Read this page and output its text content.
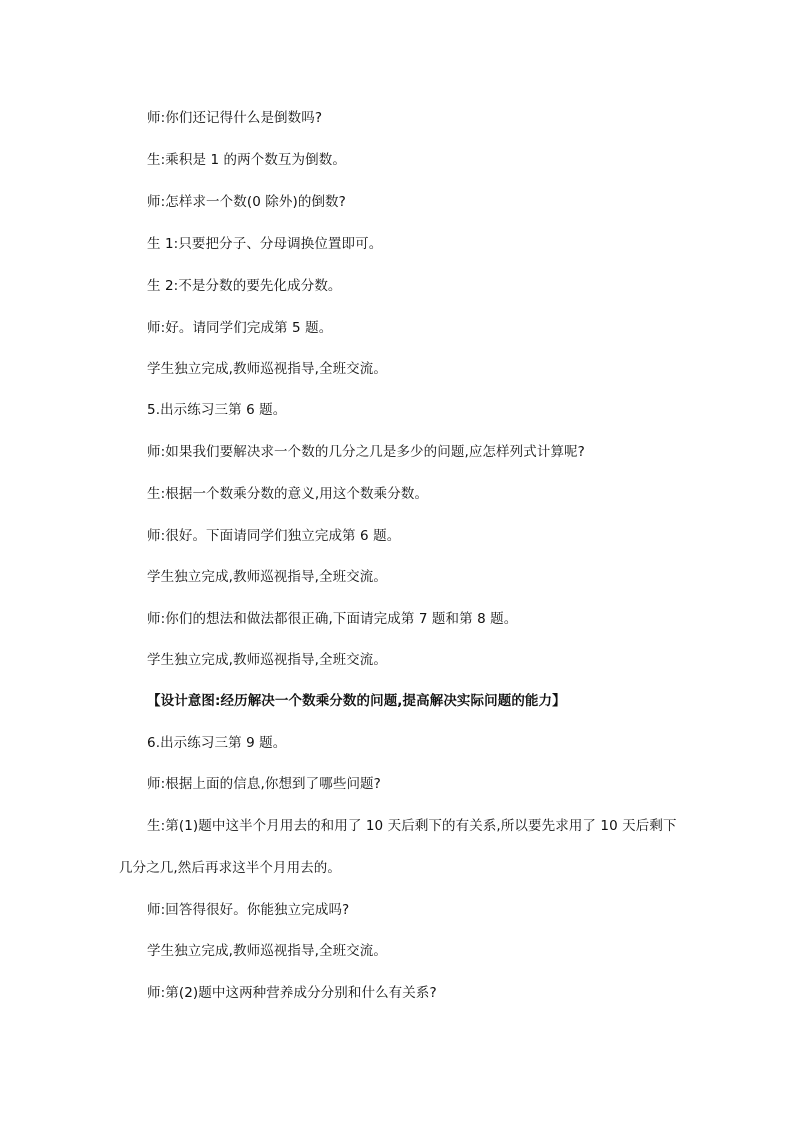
师:你们还记得什么是倒数吗?
生:乘积是 1 的两个数互为倒数。
师:怎样求一个数(0 除外)的倒数?
生 1:只要把分子、分母调换位置即可。
生 2:不是分数的要先化成分数。
师:好。请同学们完成第 5 题。
学生独立完成,教师巡视指导,全班交流。
5.出示练习三第 6 题。
师:如果我们要解决求一个数的几分之几是多少的问题,应怎样列式计算呢?
生:根据一个数乘分数的意义,用这个数乘分数。
师:很好。下面请同学们独立完成第 6 题。
学生独立完成,教师巡视指导,全班交流。
师:你们的想法和做法都很正确,下面请完成第 7 题和第 8 题。
学生独立完成,教师巡视指导,全班交流。
【设计意图:经历解决一个数乘分数的问题,提高解决实际问题的能力】
6.出示练习三第 9 题。
师:根据上面的信息,你想到了哪些问题?
生:第(1)题中这半个月用去的和用了 10 天后剩下的有关系,所以要先求用了 10 天后剩下
几分之几,然后再求这半个月用去的。
师:回答得很好。你能独立完成吗?
学生独立完成,教师巡视指导,全班交流。
师:第(2)题中这两种营养成分分别和什么有关系?
